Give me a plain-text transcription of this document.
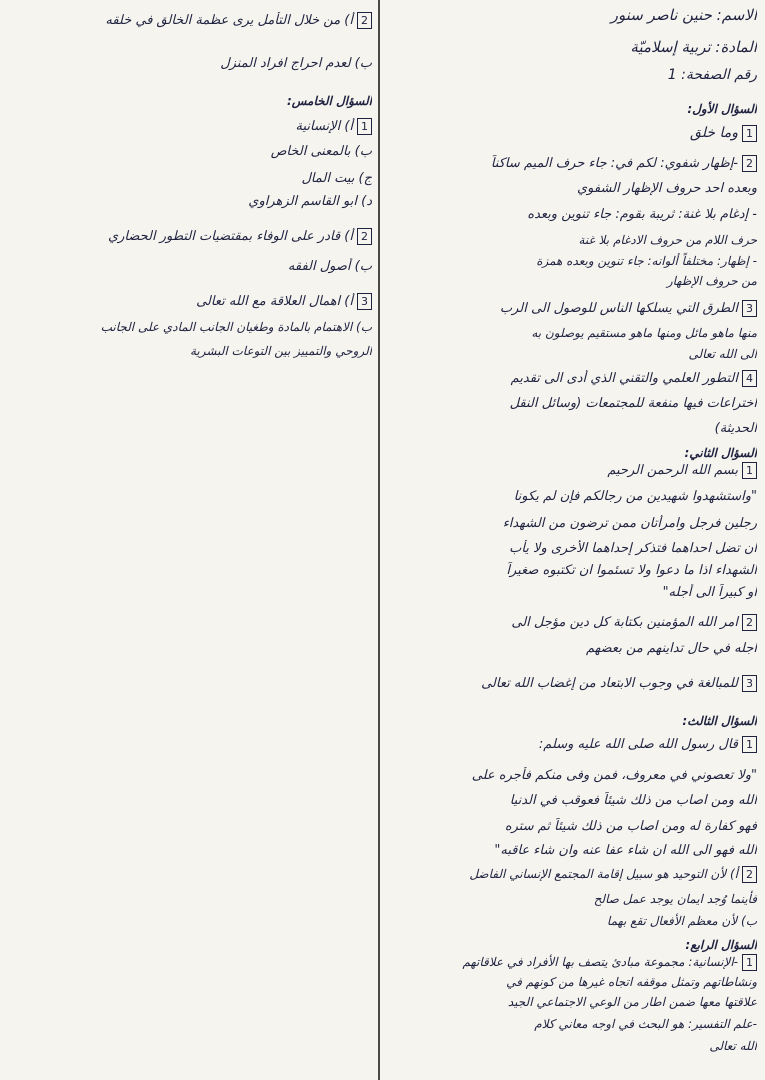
الاسم: حنين ناصر سنور
المادة: تربية إسلاميّة
رقم الصفحة: 1
السؤال الأول:
1وما خلق
2-إظهار شفوي: لكم في: جاء حرف الميم ساكناً
وبعده احد حروف الإظهار الشفوي
- إدغام بلا غنة: ثريبة بقوم: جاء تنوين وبعده
حرف اللام من حروف الادغام بلا غنة
- إظهار: مختلفاً ألوانه: جاء تنوين وبعده همزة
من حروف الإظهار
3الطرق التي يسلكها الناس للوصول الى الرب
منها ماهو مائل ومنها ماهو مستقيم يوصلون به
الى الله تعالى
4التطور العلمي والتقني الذي أدى الى تقديم
اختراعات فيها منفعة للمجتمعات (وسائل النقل
الحديثة)
السؤال الثاني:
1بسم الله الرحمن الرحيم
"واستشهدوا شهيدين من رجالكم فإن لم يكونا
رجلين فرجل وامرأتان ممن ترضون من الشهداء
ان تضل احداهما فتذكر إحداهما الأخرى ولا يأب
الشهداء اذا ما دعوا ولا تسئموا ان تكتبوه صغيراً
او كبيراً الى أجله"
2امر الله المؤمنين بكتابة كل دين مؤجل الى
اجله في حال تداينهم من بعضهم
3للمبالغة في وجوب الابتعاد من إغضاب الله تعالى
السؤال الثالث:
1قال رسول الله صلى الله عليه وسلم:
"ولا تعصوني في معروف، فمن وفى منكم فأجره على
الله ومن اصاب من ذلك شيئاً فعوقب في الدنيا
فهو كفارة له ومن اصاب من ذلك شيئاً ثم ستره
الله فهو الى الله ان شاء عفا عنه وان شاء عاقبه"
2أ) لأن التوحيد هو سبيل إقامة المجتمع الإنساني الفاضل
فأينما وُجد ايمان يوجد عمل صالح
ب) لأن معظم الأفعال تقع بهما
السؤال الرابع:
1-الإنسانية: مجموعة مبادئ يتصف بها الأفراد في علاقاتهم
ونشاطاتهم وتمثل موقفه اتجاه غيرها من كونهم في
علاقتها معها ضمن اطار من الوعي الاجتماعي الجيد
-علم التفسير: هو البحث في اوجه معاني كلام
الله تعالى
2أ) من خلال التأمل يرى عظمة الخالق في خلقه
ب) لعدم احراج افراد المنزل
السؤال الخامس:
1أ) الإنسانية
ب) بالمعنى الخاص
ج) بيت المال
د) ابو القاسم الزهراوي
2أ) قادر على الوفاء بمقتضيات التطور الحضاري
ب) أصول الفقه
3أ) اهمال العلاقة مع الله تعالى
ب) الاهتمام بالمادة وطغيان الجانب المادي على الجانب
الروحي والتمييز بين التوعات البشرية
